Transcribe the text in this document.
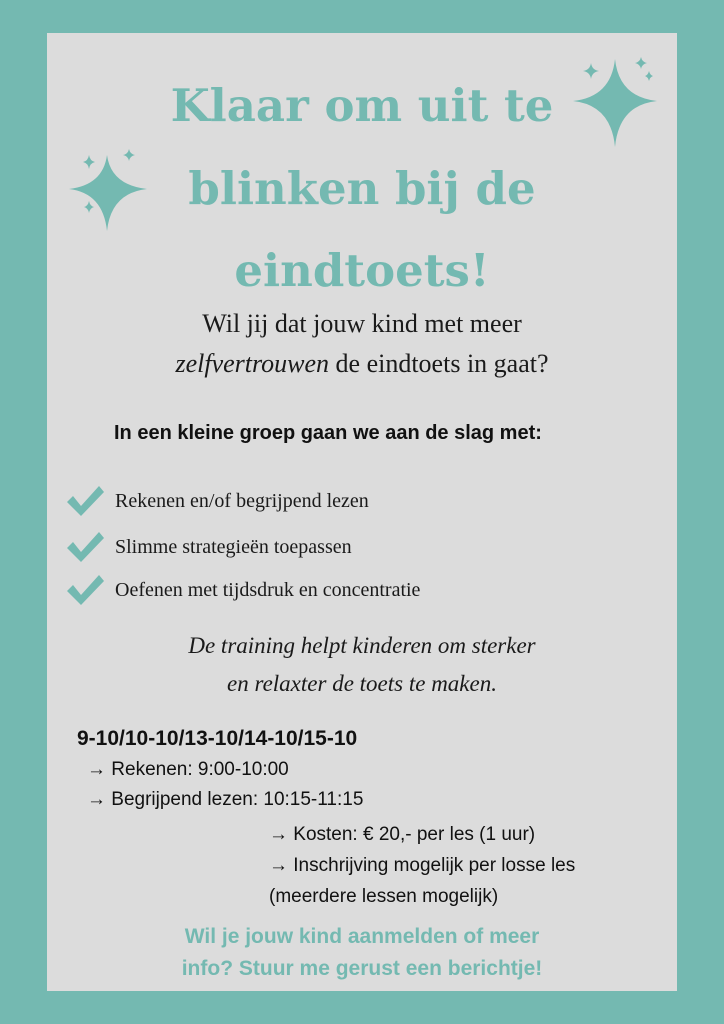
Klaar om uit te
blinken bij de
eindtoets!
Wil jij dat jouw kind met meer
zelfvertrouwen de eindtoets in gaat?
In een kleine groep gaan we aan de slag met:
Rekenen en/of begrijpend lezen
Slimme strategieën toepassen
Oefenen met tijdsdruk en concentratie
De training helpt kinderen om sterker
en relaxter de toets te maken.
9-10/10-10/13-10/14-10/15-10
→ Rekenen: 9:00-10:00
→ Begrijpend lezen: 10:15-11:15
→ Kosten: € 20,- per les (1 uur)
→ Inschrijving mogelijk per losse les
(meerdere lessen mogelijk)
Wil je jouw kind aanmelden of meer
info? Stuur me gerust een berichtje!
